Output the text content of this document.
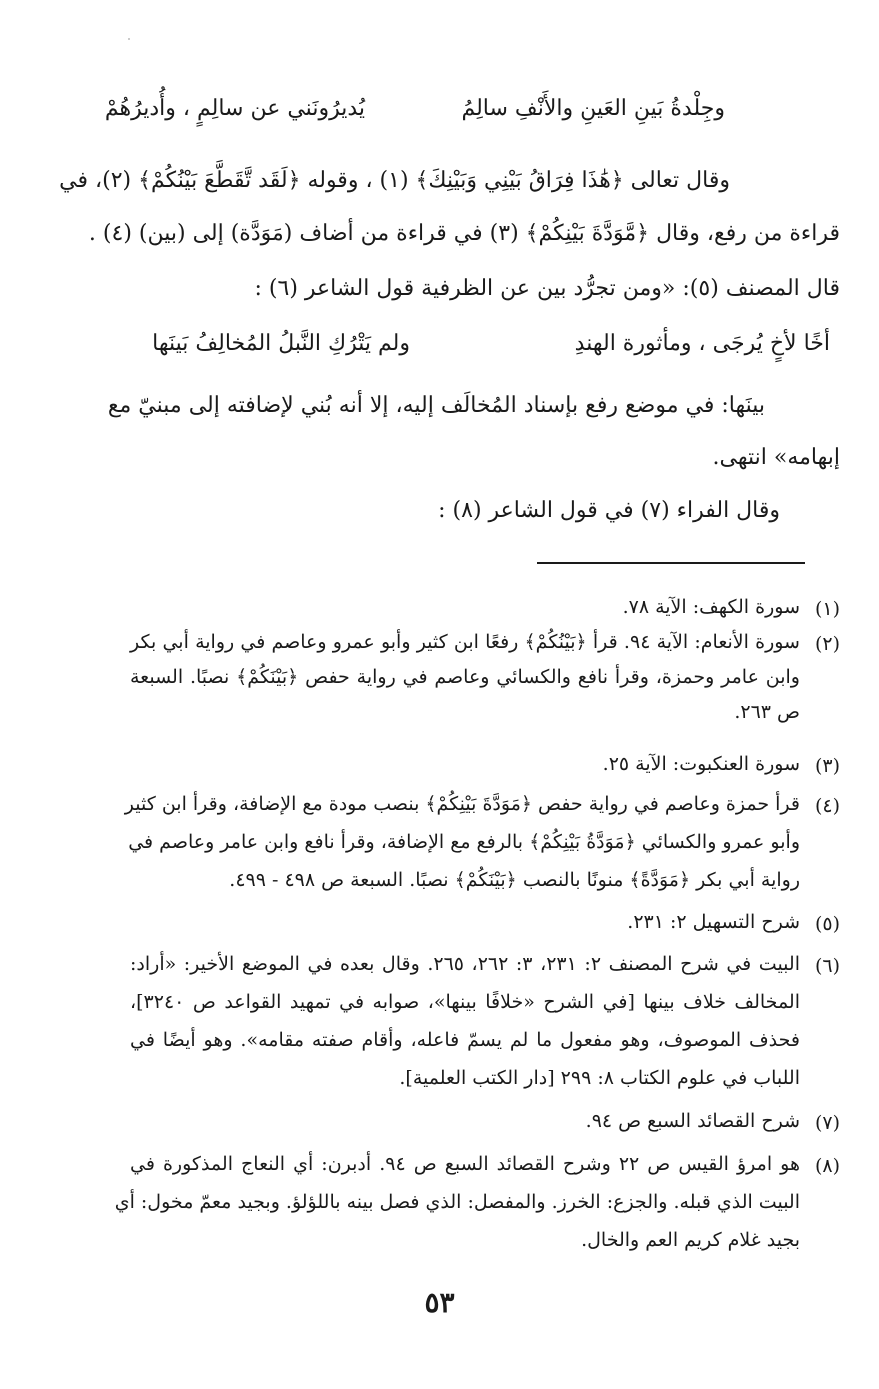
يُديرُونَني عن سالِمٍ ، وأُديرُهُمْ	وجِلْدةُ بَينِ العَينِ والأَنْفِ سالِمُ
وقال تعالى ﴿هَٰذَا فِرَاقُ بَيْنِي وَبَيْنِكَ﴾ (١) ، وقوله ﴿لَقَد تَّقَطَّعَ بَيْنُكُمْ﴾ (٢)، في
قراءة من رفع، وقال ﴿مَّوَدَّةَ بَيْنِكُمْ﴾ (٣) في قراءة من أضاف (مَوَدَّة) إلى (بين) (٤) .
قال المصنف (٥): «ومن تجرُّد بين عن الظرفية قول الشاعر (٦) :
ولم يَتْرُكِ النَّبلُ المُخالِفُ بَينَها	أخًا لأخٍ يُرجَى ، ومأثورة الهندِ
بينَها: في موضع رفع بإسناد المُخالَف إليه، إلا أنه بُني لإضافته إلى مبنيّ مع
إبهامه» انتهى.
وقال الفراء (٧) في قول الشاعر (٨) :
(١)
سورة الكهف: الآية ٧٨.
(٢)
سورة الأنعام: الآية ٩٤. قرأ ﴿بَيْنُكُمْ﴾ رفعًا ابن كثير وأبو عمرو وعاصم في رواية أبي بكر
وابن عامر وحمزة، وقرأ نافع والكسائي وعاصم في رواية حفص ﴿بَيْنَكُمْ﴾ نصبًا. السبعة
ص ٢٦٣.
(٣)
سورة العنكبوت: الآية ٢٥.
(٤)
قرأ حمزة وعاصم في رواية حفص ﴿مَوَدَّةَ بَيْنِكُمْ﴾ بنصب مودة مع الإضافة، وقرأ ابن كثير
وأبو عمرو والكسائي ﴿مَوَدَّةُ بَيْنِكُمْ﴾ بالرفع مع الإضافة، وقرأ نافع وابن عامر وعاصم في
رواية أبي بكر ﴿مَوَدَّةً﴾ منونًا بالنصب ﴿بَيْنَكُمْ﴾ نصبًا. السبعة ص ٤٩٨ - ٤٩٩.
(٥)
شرح التسهيل ٢: ٢٣١.
(٦)
البيت في شرح المصنف ٢: ٢٣١، ٣: ٢٦٢، ٢٦٥. وقال بعده في الموضع الأخير: «أراد:
المخالف خلاف بينها [في الشرح «خلافًا بينها»، صوابه في تمهيد القواعد ص ٣٢٤٠]،
فحذف الموصوف، وهو مفعول ما لم يسمّ فاعله، وأقام صفته مقامه». وهو أيضًا في
اللباب في علوم الكتاب ٨: ٢٩٩ [دار الكتب العلمية].
(٧)
شرح القصائد السبع ص ٩٤.
(٨)
هو امرؤ القيس ص ٢٢ وشرح القصائد السبع ص ٩٤. أدبرن: أي النعاج المذكورة في
البيت الذي قبله. والجزع: الخرز. والمفصل: الذي فصل بينه باللؤلؤ. وبجيد معمّ مخول: أي
بجيد غلام كريم العم والخال.
٥٣
